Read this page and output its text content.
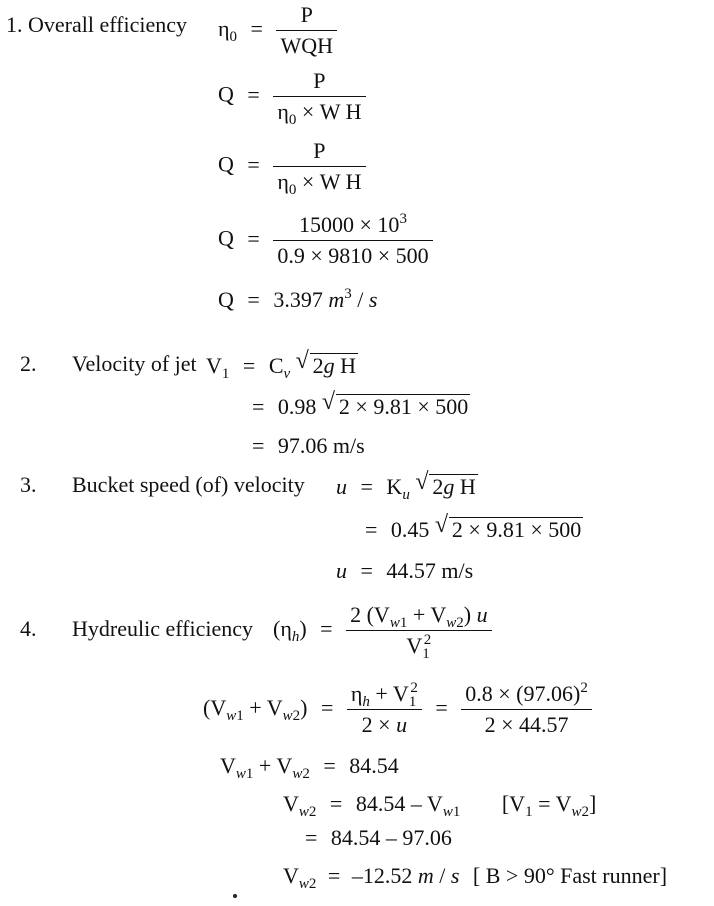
1. Overall efficiency $\eta_0 = \frac{P}{\text{WQH}}$
$Q = \frac{P}{\eta_0 \times W H}$
$Q = \frac{P}{\eta_0 \times W H}$
$Q = \frac{15000 \times 10^3}{0.9 \times 9810 \times 500}$
Q = 3.397 $m^3$ / s
2. Velocity of jet $V_1 = C_v$ √ 2g H
= 0.98 √ 2 × 9.81 × 500
= 97.06 m/s
3. Bucket speed (of) velocity $u = K_u$ √ 2g H
= 0.45 √ 2 × 9.81 × 500
u = 44.57 m/s
4. Hydreulic efficiency $(\eta_h) = \frac{2 (V_{w1} + V_{w2}) u}{V_1^2}$
$(V_{w1} + V_{w2}) = \frac{\eta_h + V_1^2}{2 \times u} = \frac{0.8 \times (97.06)^2}{2 \times 44.57}$
$V_{w1} + V_{w2} = 84.54$
$V_{w2} = 84.54 - V_{w1}$ $[V_1 = V_{w2}]$
= 84.54 – 97.06
$V_{w2} = -12.52$ m / s [ B > 90° Fast runner]
